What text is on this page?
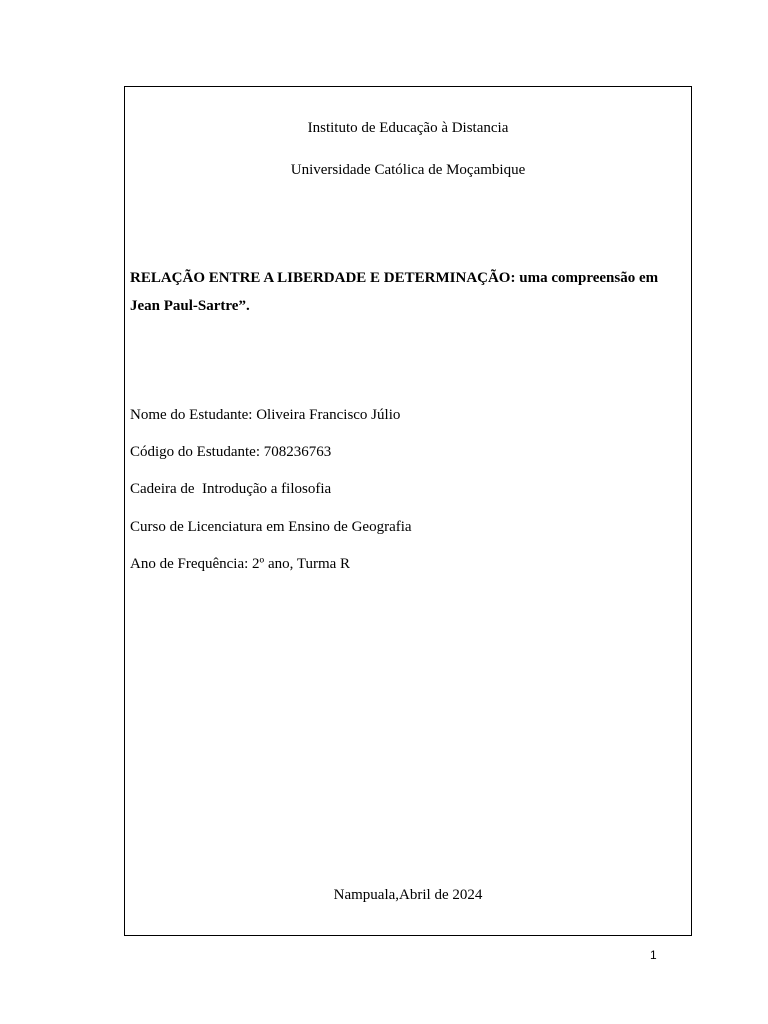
Instituto de Educação à Distancia
Universidade Católica de Moçambique
RELAÇÃO ENTRE A LIBERDADE E DETERMINAÇÃO: uma compreensão em Jean Paul-Sartre”.
Nome do Estudante: Oliveira Francisco Júlio
Código do Estudante: 708236763
Cadeira de  Introdução a filosofia
Curso de Licenciatura em Ensino de Geografia
Ano de Frequência: 2º ano, Turma R
Nampuala,Abril de 2024
1
